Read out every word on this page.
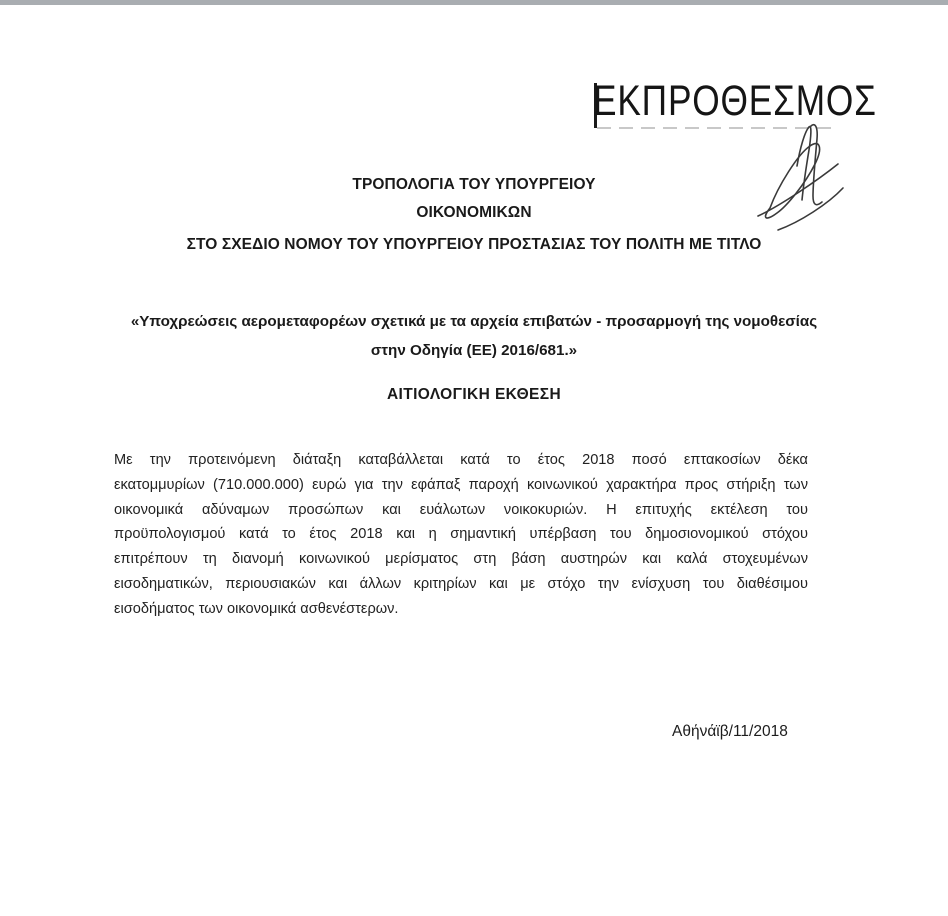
ΕΚΠΡΟΘΕΣΜΟΣ
ΤΡΟΠΟΛΟΓΙΑ ΤΟΥ ΥΠΟΥΡΓΕΙΟΥ
ΟΙΚΟΝΟΜΙΚΩΝ
ΣΤΟ ΣΧΕΔΙΟ ΝΟΜΟΥ ΤΟΥ ΥΠΟΥΡΓΕΙΟΥ ΠΡΟΣΤΑΣΙΑΣ ΤΟΥ ΠΟΛΙΤΗ ΜΕ ΤΙΤΛΟ
«Υποχρεώσεις αερομεταφορέων σχετικά με τα αρχεία επιβατών - προσαρμογή της νομοθεσίας
στην Οδηγία (ΕΕ) 2016/681.»
ΑΙΤΙΟΛΟΓΙΚΗ ΕΚΘΕΣΗ
Με την προτεινόμενη διάταξη καταβάλλεται κατά το έτος 2018 ποσό επτακοσίων δέκα
εκατομμυρίων (710.000.000) ευρώ για την εφάπαξ παροχή κοινωνικού χαρακτήρα προς στήριξη των
οικονομικά αδύναμων προσώπων και ευάλωτων νοικοκυριών. Η επιτυχής εκτέλεση του
προϋπολογισμού κατά το έτος 2018 και η σημαντική υπέρβαση του δημοσιονομικού στόχου
επιτρέπουν τη διανομή κοινωνικού μερίσματος στη βάση αυστηρών και καλά στοχευμένων
εισοδηματικών, περιουσιακών και άλλων κριτηρίων και με στόχο την ενίσχυση του διαθέσιμου
εισοδήματος των οικονομικά ασθενέστερων.
Αθήνάϊβ/11/2018
